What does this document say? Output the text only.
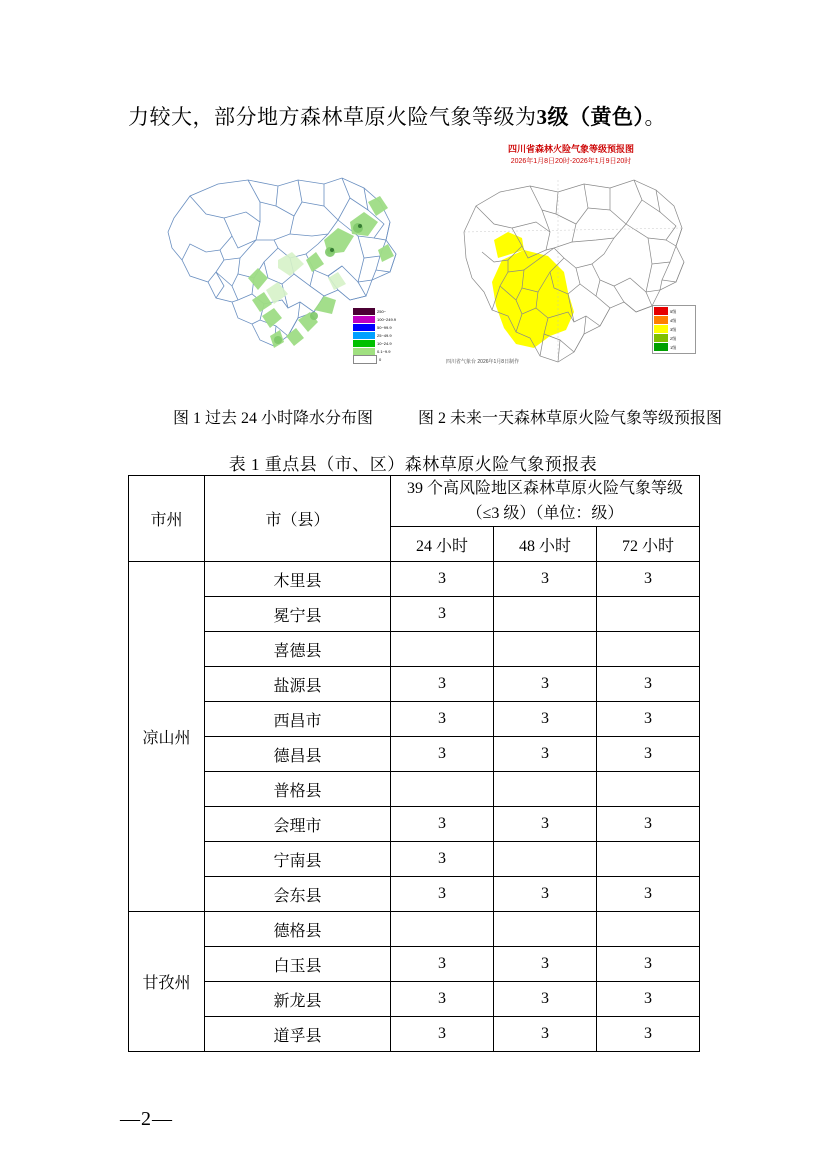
力较大，部分地方森林草原火险气象等级为3级（黄色）。
250~
100~249.9
50~99.9
25~49.9
10~24.9
0.1~9.9
0
四川省森林火险气象等级预报图
2026年1月8日20时-2026年1月9日20时
四川省气象台 2026年1月8日制作
5级
4级
3级
2级
1级
图 1 过去 24 小时降水分布图	图 2 未来一天森林草原火险气象等级预报图
表 1 重点县（市、区）森林草原火险气象预报表
市州	市（县）	39 个高风险地区森林草原火险气象等级（≤3 级）（单位：级）		
		24 小时	48 小时	72 小时
凉山州	木里县	3	3	3
	冕宁县	3		
	喜德县			
	盐源县	3	3	3
	西昌市	3	3	3
	德昌县	3	3	3
	普格县			
	会理市	3	3	3
	宁南县	3		
	会东县	3	3	3
甘孜州	德格县			
	白玉县	3	3	3
	新龙县	3	3	3
	道孚县	3	3	3
—2—
